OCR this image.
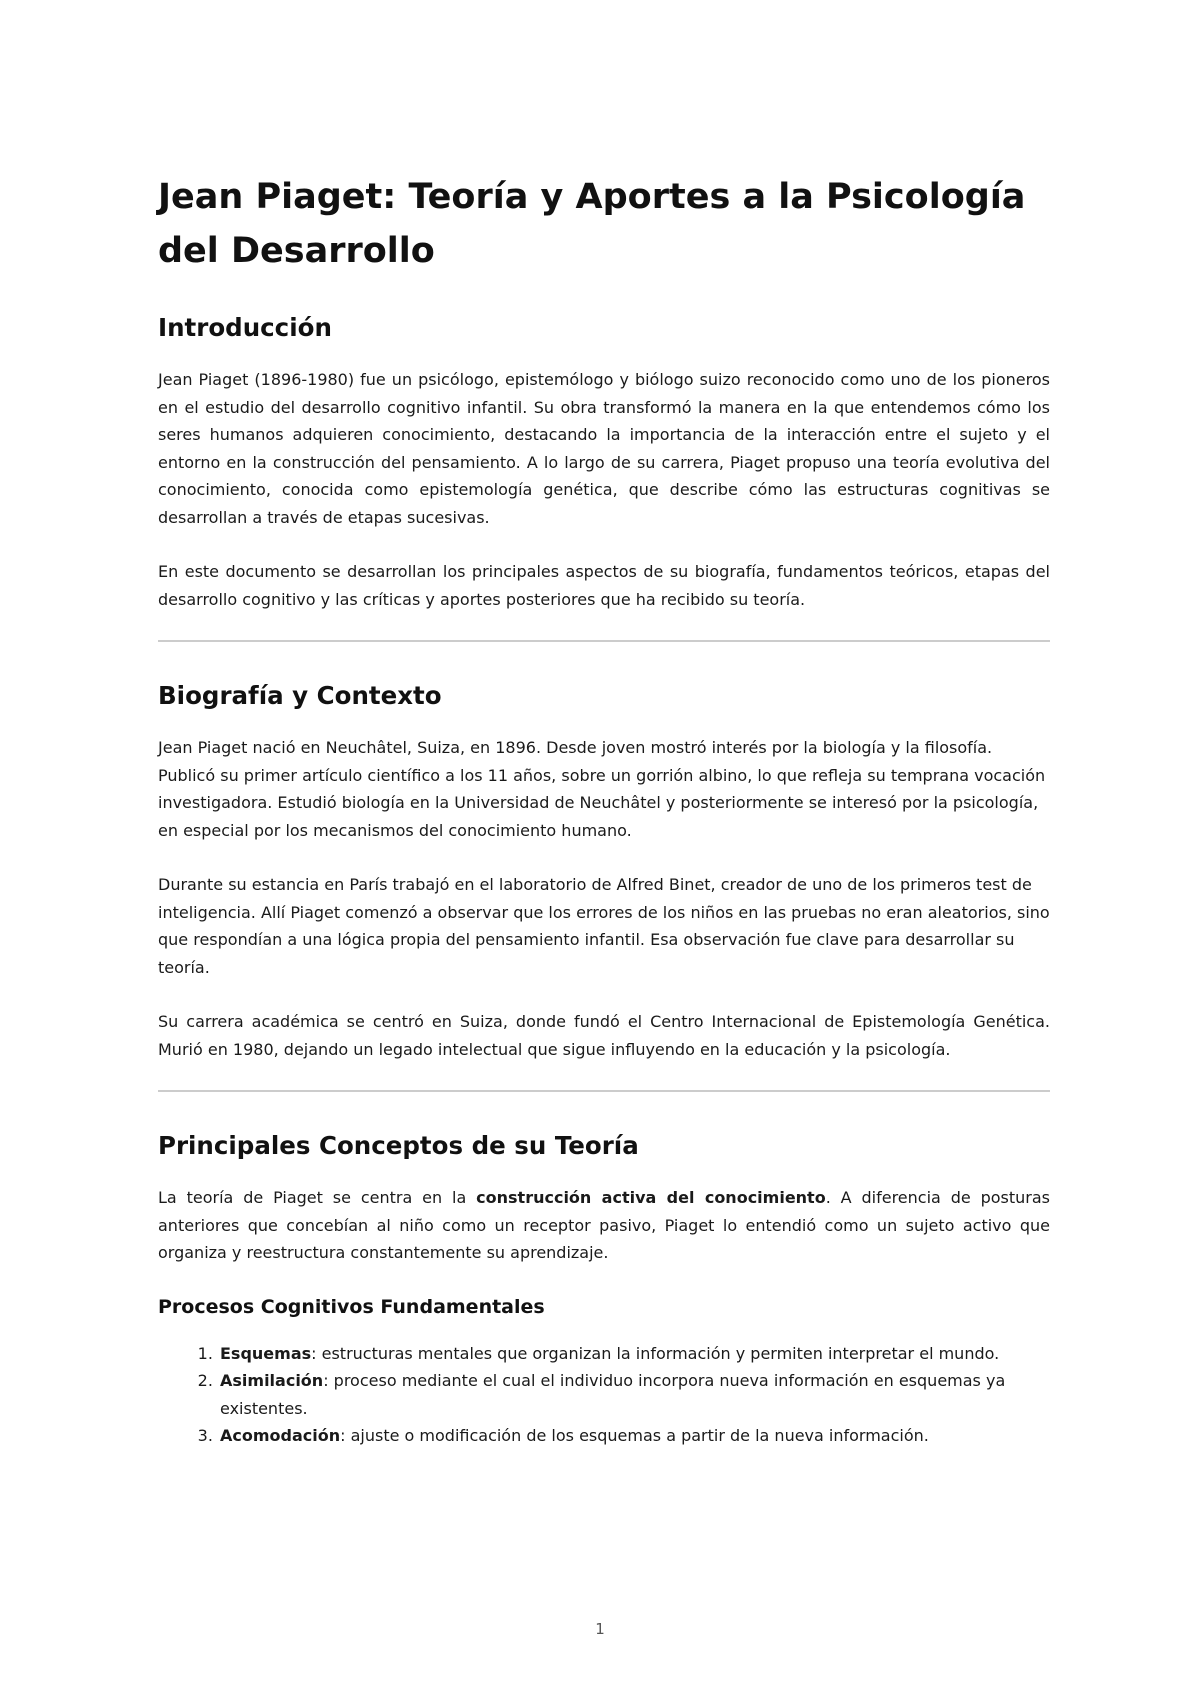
Jean Piaget: Teoría y Aportes a la Psicología del Desarrollo
Introducción

Jean Piaget (1896-1980) fue un psicólogo, epistemólogo y biólogo suizo reconocido como uno de los pioneros en el estudio del desarrollo cognitivo infantil. Su obra transformó la manera en la que entendemos cómo los seres humanos adquieren conocimiento, destacando la importancia de la interacción entre el sujeto y el entorno en la construcción del pensamiento. A lo largo de su carrera, Piaget propuso una teoría evolutiva del conocimiento, conocida como epistemología genética, que describe cómo las estructuras cognitivas se desarrollan a través de etapas sucesivas.

En este documento se desarrollan los principales aspectos de su biografía, fundamentos teóricos, etapas del desarrollo cognitivo y las críticas y aportes posteriores que ha recibido su teoría.

Biografía y Contexto

Jean Piaget nació en Neuchâtel, Suiza, en 1896. Desde joven mostró interés por la biología y la filosofía. Publicó su primer artículo científico a los 11 años, sobre un gorrión albino, lo que refleja su temprana vocación investigadora. Estudió biología en la Universidad de Neuchâtel y posteriormente se interesó por la psicología, en especial por los mecanismos del conocimiento humano.

Durante su estancia en París trabajó en el laboratorio de Alfred Binet, creador de uno de los primeros test de inteligencia. Allí Piaget comenzó a observar que los errores de los niños en las pruebas no eran aleatorios, sino que respondían a una lógica propia del pensamiento infantil. Esa observación fue clave para desarrollar su teoría.

Su carrera académica se centró en Suiza, donde fundó el Centro Internacional de Epistemología Genética. Murió en 1980, dejando un legado intelectual que sigue influyendo en la educación y la psicología.

Principales Conceptos de su Teoría

La teoría de Piaget se centra en la construcción activa del conocimiento. A diferencia de posturas anteriores que concebían al niño como un receptor pasivo, Piaget lo entendió como un sujeto activo que organiza y reestructura constantemente su aprendizaje.

Procesos Cognitivos Fundamentales
1. Esquemas: estructuras mentales que organizan la información y permiten interpretar el mundo.
2. Asimilación: proceso mediante el cual el individuo incorpora nueva información en esquemas ya existentes.
3. Acomodación: ajuste o modificación de los esquemas a partir de la nueva información.
1
